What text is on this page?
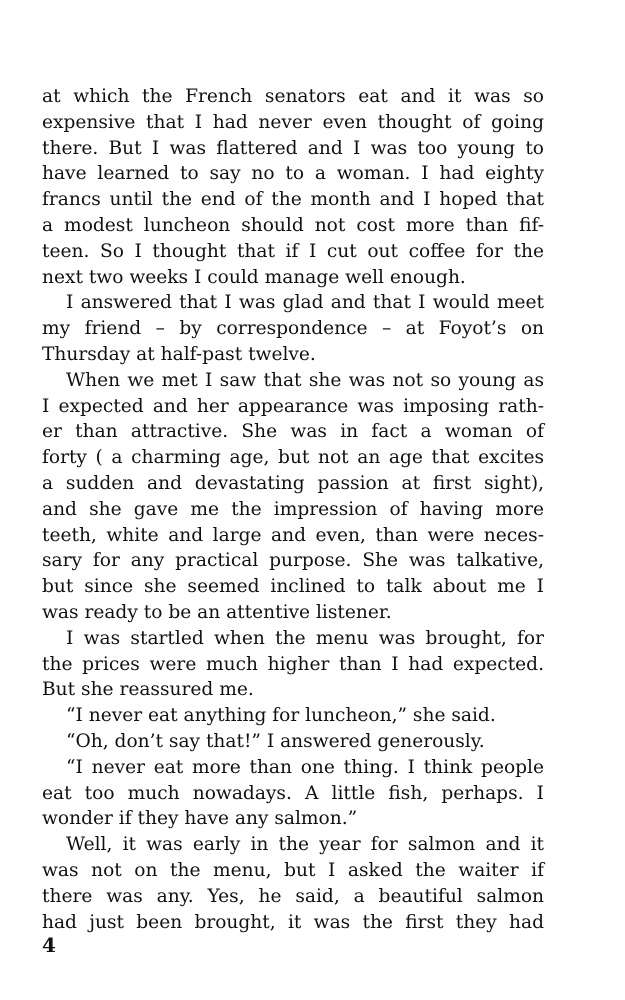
at which the French senators eat and it was so
expensive that I had never even thought of going
there. But I was flattered and I was too young to
have learned to say no to a woman. I had eighty
francs until the end of the month and I hoped that
a modest luncheon should not cost more than fif-
teen. So I thought that if I cut out coffee for the
next two weeks I could manage well enough.

I answered that I was glad and that I would meet
my friend – by correspondence – at Foyot’s on
Thursday at half-past twelve.

When we met I saw that she was not so young as
I expected and her appearance was imposing rath-
er than attractive. She was in fact a woman of
forty ( a charming age, but not an age that excites
a sudden and devastating passion at first sight),
and she gave me the impression of having more
teeth, white and large and even, than were neces-
sary for any practical purpose. She was talkative,
but since she seemed inclined to talk about me I
was ready to be an attentive listener.

I was startled when the menu was brought, for
the prices were much higher than I had expected.
But she reassured me.

“I never eat anything for luncheon,” she said.

“Oh, don’t say that!” I answered generously.

“I never eat more than one thing. I think people
eat too much nowadays. A little fish, perhaps. I
wonder if they have any salmon.”

Well, it was early in the year for salmon and it
was not on the menu, but I asked the waiter if
there was any. Yes, he said, a beautiful salmon
had just been brought, it was the first they had

4
